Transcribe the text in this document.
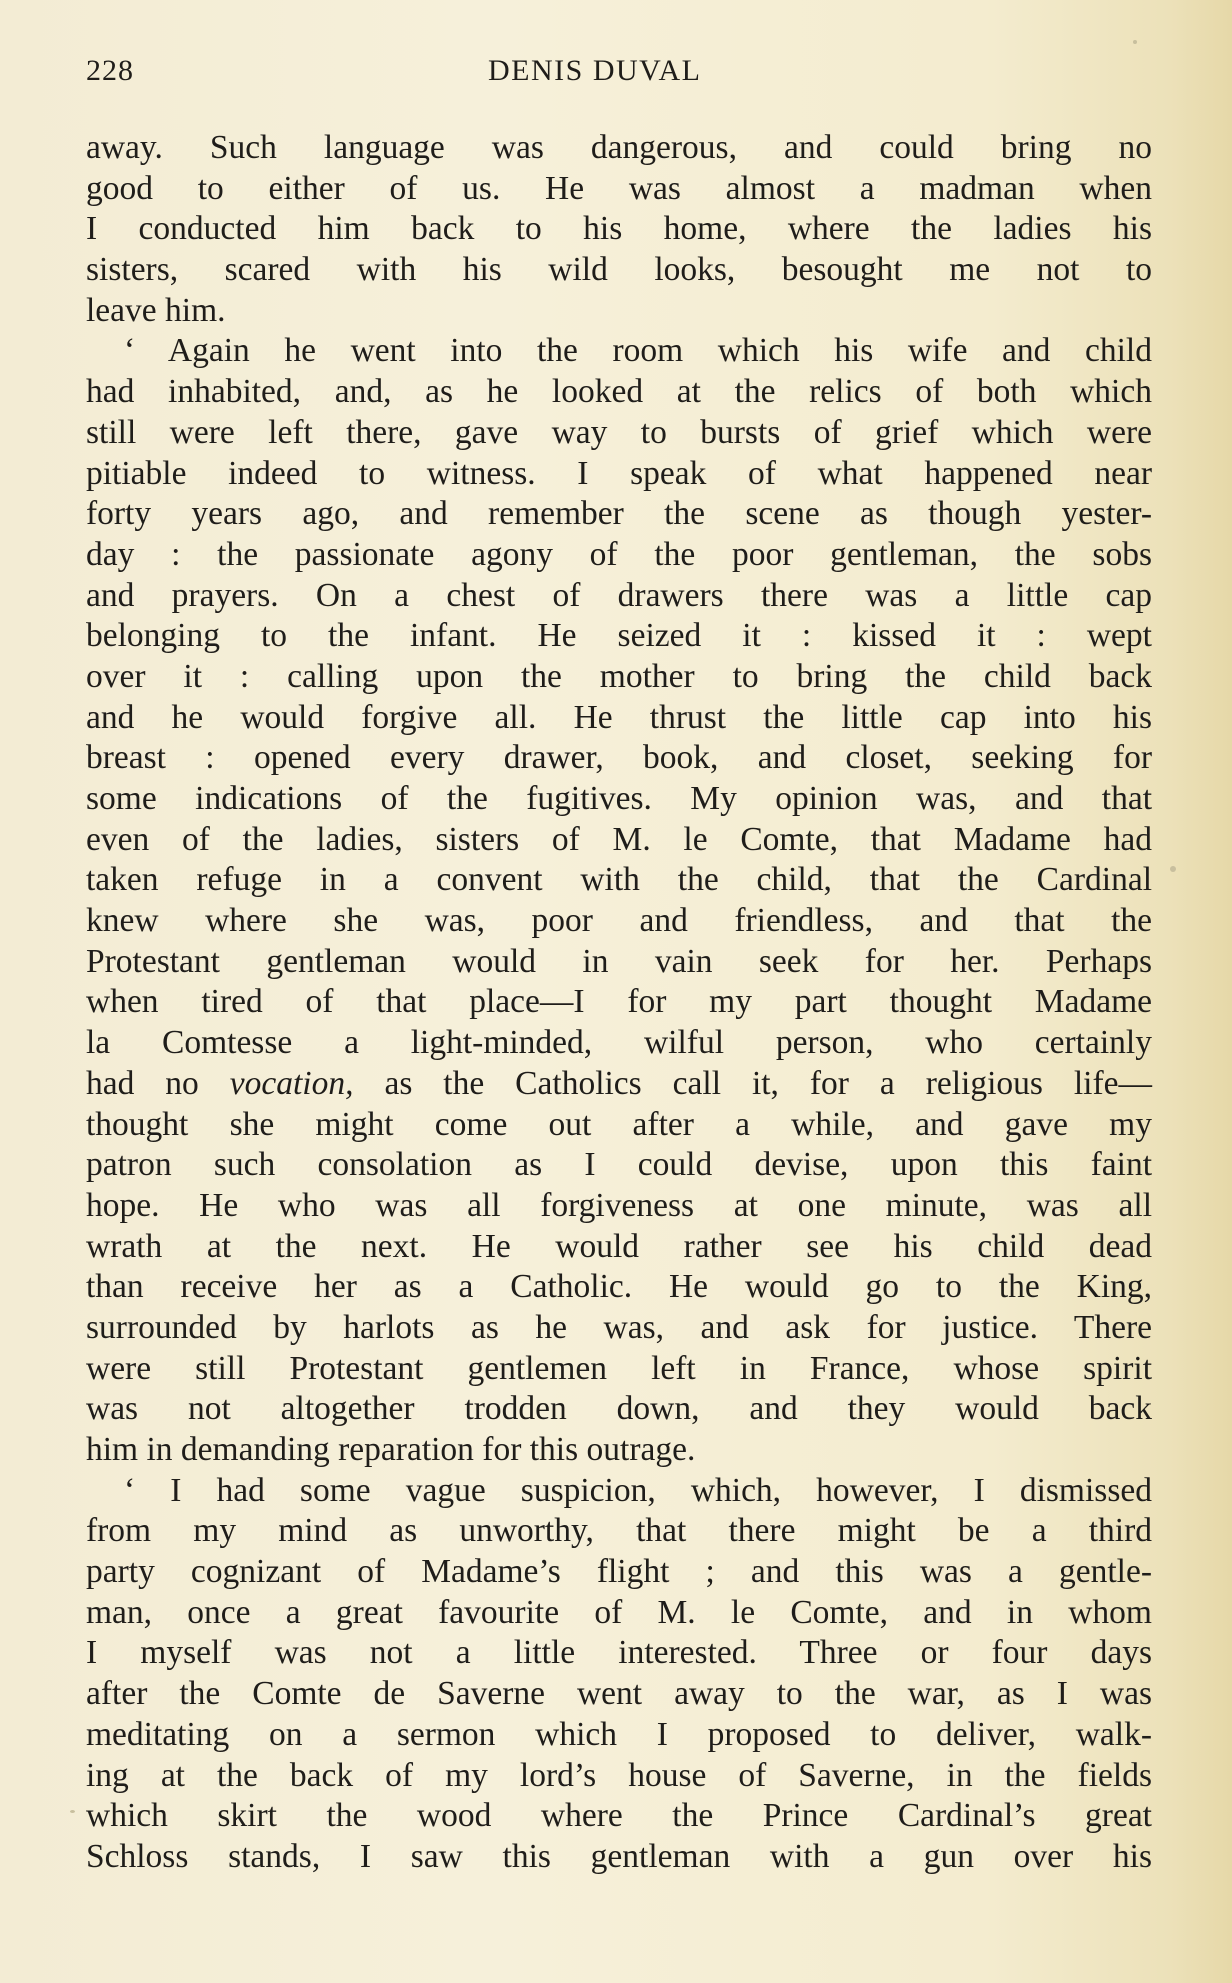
228	DENIS DUVAL
away. Such language was dangerous, and could bring no
good to either of us. He was almost a madman when
I conducted him back to his home, where the ladies his
sisters, scared with his wild looks, besought me not to
leave him.
‘ Again he went into the room which his wife and child
had inhabited, and, as he looked at the relics of both which
still were left there, gave way to bursts of grief which were
pitiable indeed to witness. I speak of what happened near
forty years ago, and remember the scene as though yester-
day : the passionate agony of the poor gentleman, the sobs
and prayers. On a chest of drawers there was a little cap
belonging to the infant. He seized it : kissed it : wept
over it : calling upon the mother to bring the child back
and he would forgive all. He thrust the little cap into his
breast : opened every drawer, book, and closet, seeking for
some indications of the fugitives. My opinion was, and that
even of the ladies, sisters of M. le Comte, that Madame had
taken refuge in a convent with the child, that the Cardinal
knew where she was, poor and friendless, and that the
Protestant gentleman would in vain seek for her. Perhaps
when tired of that place—I for my part thought Madame
la Comtesse a light-minded, wilful person, who certainly
had no vocation, as the Catholics call it, for a religious life—
thought she might come out after a while, and gave my
patron such consolation as I could devise, upon this faint
hope. He who was all forgiveness at one minute, was all
wrath at the next. He would rather see his child dead
than receive her as a Catholic. He would go to the King,
surrounded by harlots as he was, and ask for justice. There
were still Protestant gentlemen left in France, whose spirit
was not altogether trodden down, and they would back
him in demanding reparation for this outrage.
‘ I had some vague suspicion, which, however, I dismissed
from my mind as unworthy, that there might be a third
party cognizant of Madame’s flight ; and this was a gentle-
man, once a great favourite of M. le Comte, and in whom
I myself was not a little interested. Three or four days
after the Comte de Saverne went away to the war, as I was
meditating on a sermon which I proposed to deliver, walk-
ing at the back of my lord’s house of Saverne, in the fields
which skirt the wood where the Prince Cardinal’s great
Schloss stands, I saw this gentleman with a gun over his
